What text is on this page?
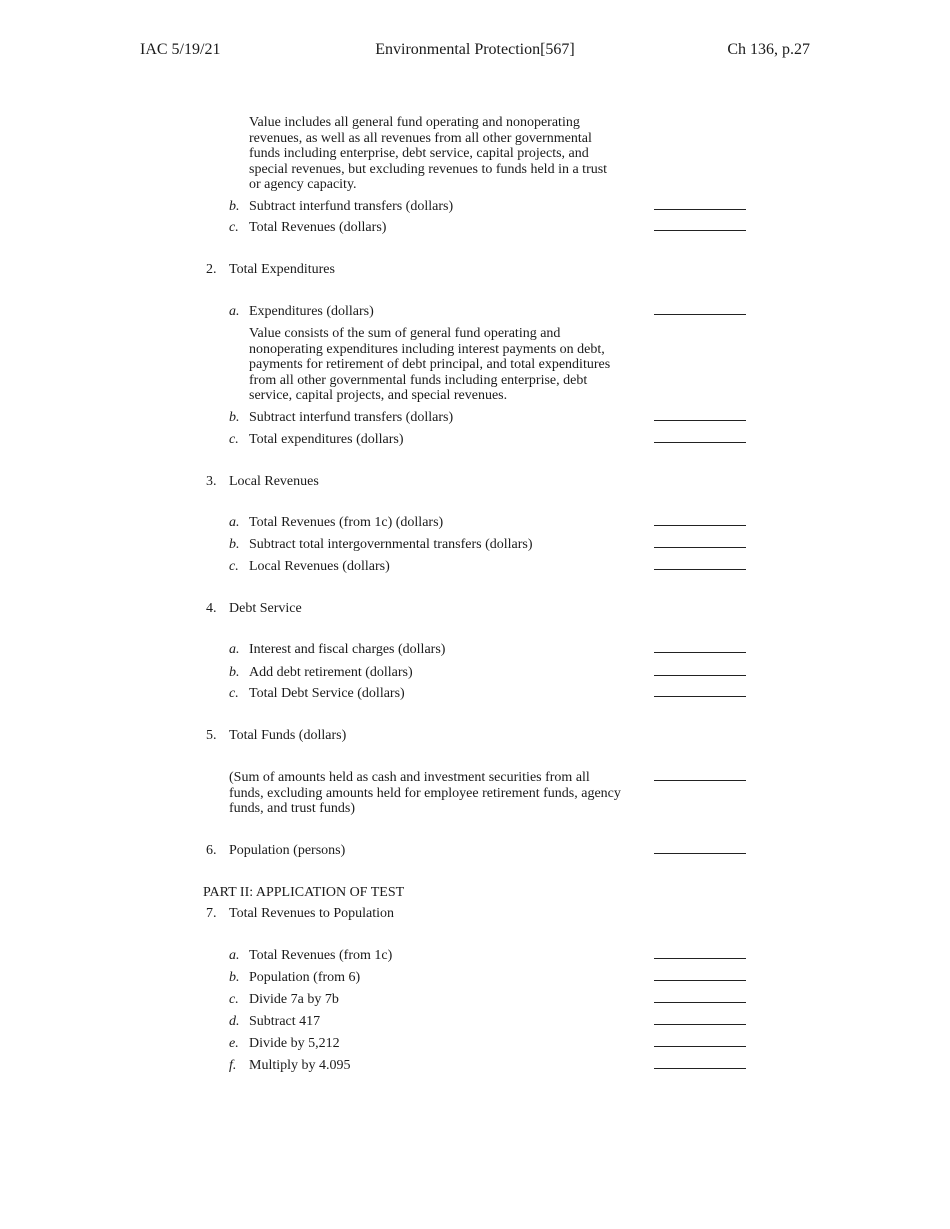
IAC 5/19/21	Environmental Protection[567]	Ch 136, p.27
Value includes all general fund operating and nonoperating
revenues, as well as all revenues from all other governmental
funds including enterprise, debt service, capital projects, and
special revenues, but excluding revenues to funds held in a trust
or agency capacity.
b. Subtract interfund transfers (dollars)
c. Total Revenues (dollars)
2. Total Expenditures
a. Expenditures (dollars)
Value consists of the sum of general fund operating and
nonoperating expenditures including interest payments on debt,
payments for retirement of debt principal, and total expenditures
from all other governmental funds including enterprise, debt
service, capital projects, and special revenues.
b. Subtract interfund transfers (dollars)
c. Total expenditures (dollars)
3. Local Revenues
a. Total Revenues (from 1c) (dollars)
b. Subtract total intergovernmental transfers (dollars)
c. Local Revenues (dollars)
4. Debt Service
a. Interest and fiscal charges (dollars)
b. Add debt retirement (dollars)
c. Total Debt Service (dollars)
5. Total Funds (dollars)
(Sum of amounts held as cash and investment securities from all
funds, excluding amounts held for employee retirement funds, agency
funds, and trust funds)
6. Population (persons)
PART II: APPLICATION OF TEST
7. Total Revenues to Population
a. Total Revenues (from 1c)
b. Population (from 6)
c. Divide 7a by 7b
d. Subtract 417
e. Divide by 5,212
f. Multiply by 4.095
